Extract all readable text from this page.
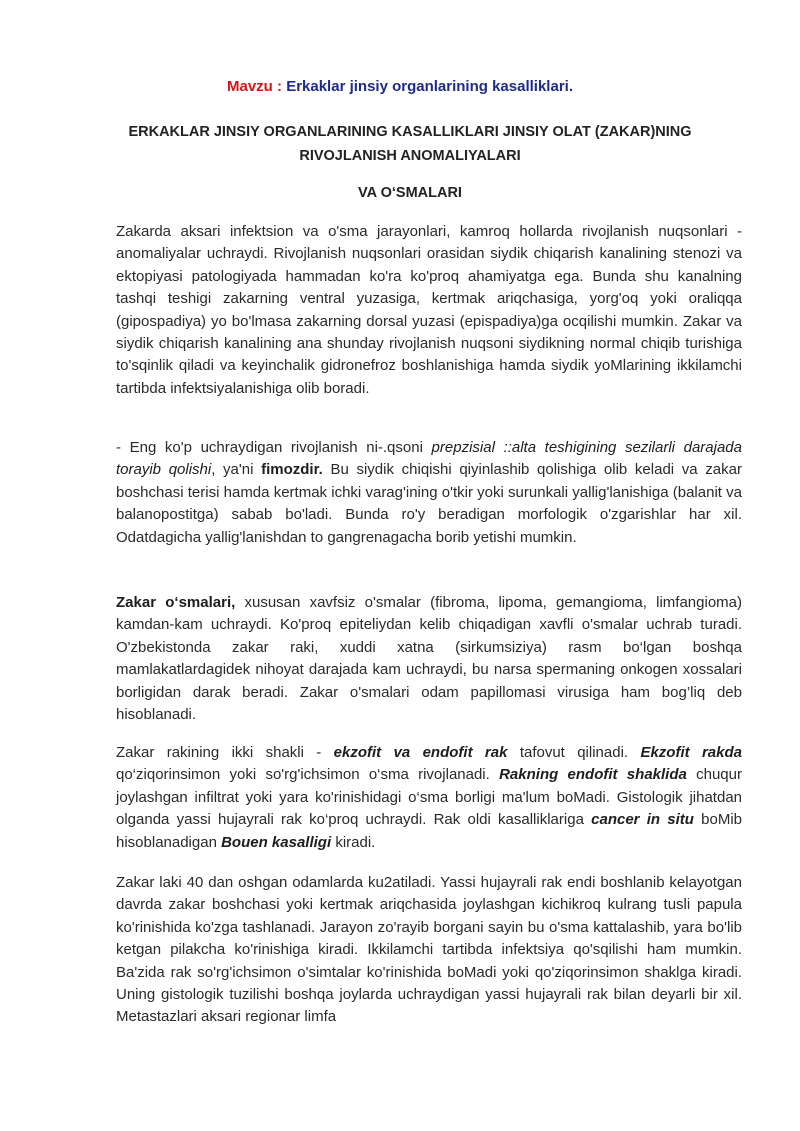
Mavzu : Erkaklar jinsiy organlarining kasalliklari.
ERKAKLAR JINSIY ORGANLARINING KASALLIKLARI JINSIY OLAT (ZAKAR)NING RIVOJLANISH ANOMALIYALARI
VA O‘SMALARI

Zakarda aksari infektsion va o'sma jarayonlari, kamroq hollarda rivojlanish nuqsonlari - anomaliyalar uchraydi. Rivojlanish nuqsonlari orasidan siydik chiqarish kanalining stenozi va ektopiyasi patologiyada hammadan ko'ra ko'proq ahamiyatga ega. Bunda shu kanalning tashqi teshigi zakarning ventral yuzasiga, kertmak ariqchasiga, yorg'oq yoki oraliqqa (gipospadiya) yo bo'lmasa zakarning dorsal yuzasi (epispadiya)ga ocqilishi mumkin. Zakar va siydik chiqarish kanalining ana shunday rivojlanish nuqsoni siydikning normal chiqib turishiga to'sqinlik qiladi va keyinchalik gidronefroz boshlanishiga hamda siydik yoMlarining ikkilamchi tartibda infektsiyalanishiga olib boradi.

- Eng ko'p uchraydigan rivojlanish ni-.qsoni prepzisial ::alta teshigining sezilarli darajada torayib qolishi, ya'ni fimozdir. Bu siydik chiqishi qiyinlashib qolishiga olib keladi va zakar boshchasi terisi hamda kertmak ichki varag'ining o'tkir yoki surunkali yallig'lanishiga (balanit va balanopostitga) sabab bo'ladi. Bunda ro'y beradigan morfologik o'zgarishlar har xil. Odatdagicha yallig'lanishdan to gangrenagacha borib yetishi mumkin.

Zakar o‘smalari, xususan xavfsiz o'smalar (fibroma, lipoma, gemangioma, limfangioma) kamdan-kam uchraydi. Ko'proq epiteliydan kelib chiqadigan xavfli o'smalar uchrab turadi. O'zbekistonda zakar raki, xuddi xatna (sirkumsiziya) rasm bo‘lgan boshqa mamlakatlardagidek nihoyat darajada kam uchraydi, bu narsa spermaning onkogen xossalari borligidan darak beradi. Zakar o'smalari odam papillomasi virusiga ham bog’liq deb hisoblanadi.

Zakar rakining ikki shakli - ekzofit va endofit rak tafovut qilinadi. Ekzofit rakda qo‘ziqorinsimon yoki so'rg'ichsimon o‘sma rivojlanadi. Rakning endofit shaklida chuqur joylashgan infiltrat yoki yara ko'rinishidagi o‘sma borligi ma'lum boMadi. Gistologik jihatdan olganda yassi hujayrali rak ko‘proq uchraydi. Rak oldi kasalliklariga cancer in situ boMib hisoblanadigan Bouen kasalligi kiradi.

Zakar laki 40 dan oshgan odamlarda ku2atiladi. Yassi hujayrali rak endi boshlanib kelayotgan davrda zakar boshchasi yoki kertmak ariqchasida joylashgan kichikroq kulrang tusli papula ko'rinishida ko'zga tashlanadi. Jarayon zo'rayib borgani sayin bu o'sma kattalashib, yara bo'lib ketgan pilakcha ko'rinishiga kiradi. Ikkilamchi tartibda infektsiya qo'sqilishi ham mumkin. Ba'zida rak so'rg'ichsimon o'simtalar ko'rinishida boMadi yoki qo'ziqorinsimon shaklga kiradi. Uning gistologik tuzilishi boshqa joylarda uchraydigan yassi hujayrali rak bilan deyarli bir xil. Metastazlari aksari regionar limfa
